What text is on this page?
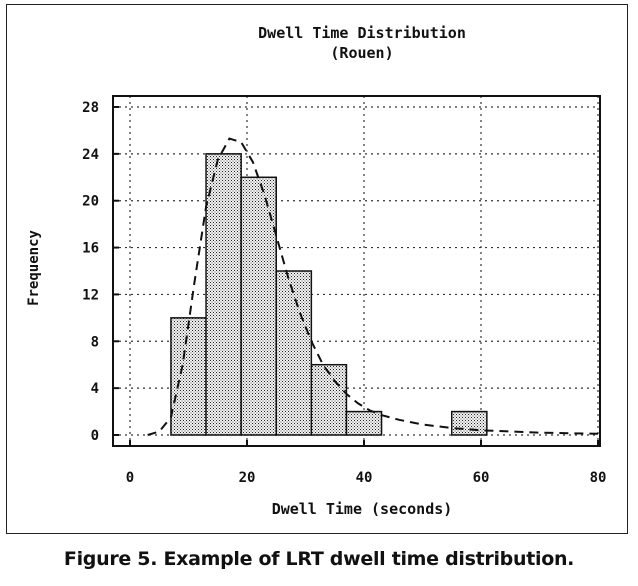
Dwell Time Distribution
(Rouen)
0
4
8
12
16
20
24
28
0	20	40	60	80
Frequency
Dwell Time (seconds)
Figure 5. Example of LRT dwell time distribution.
